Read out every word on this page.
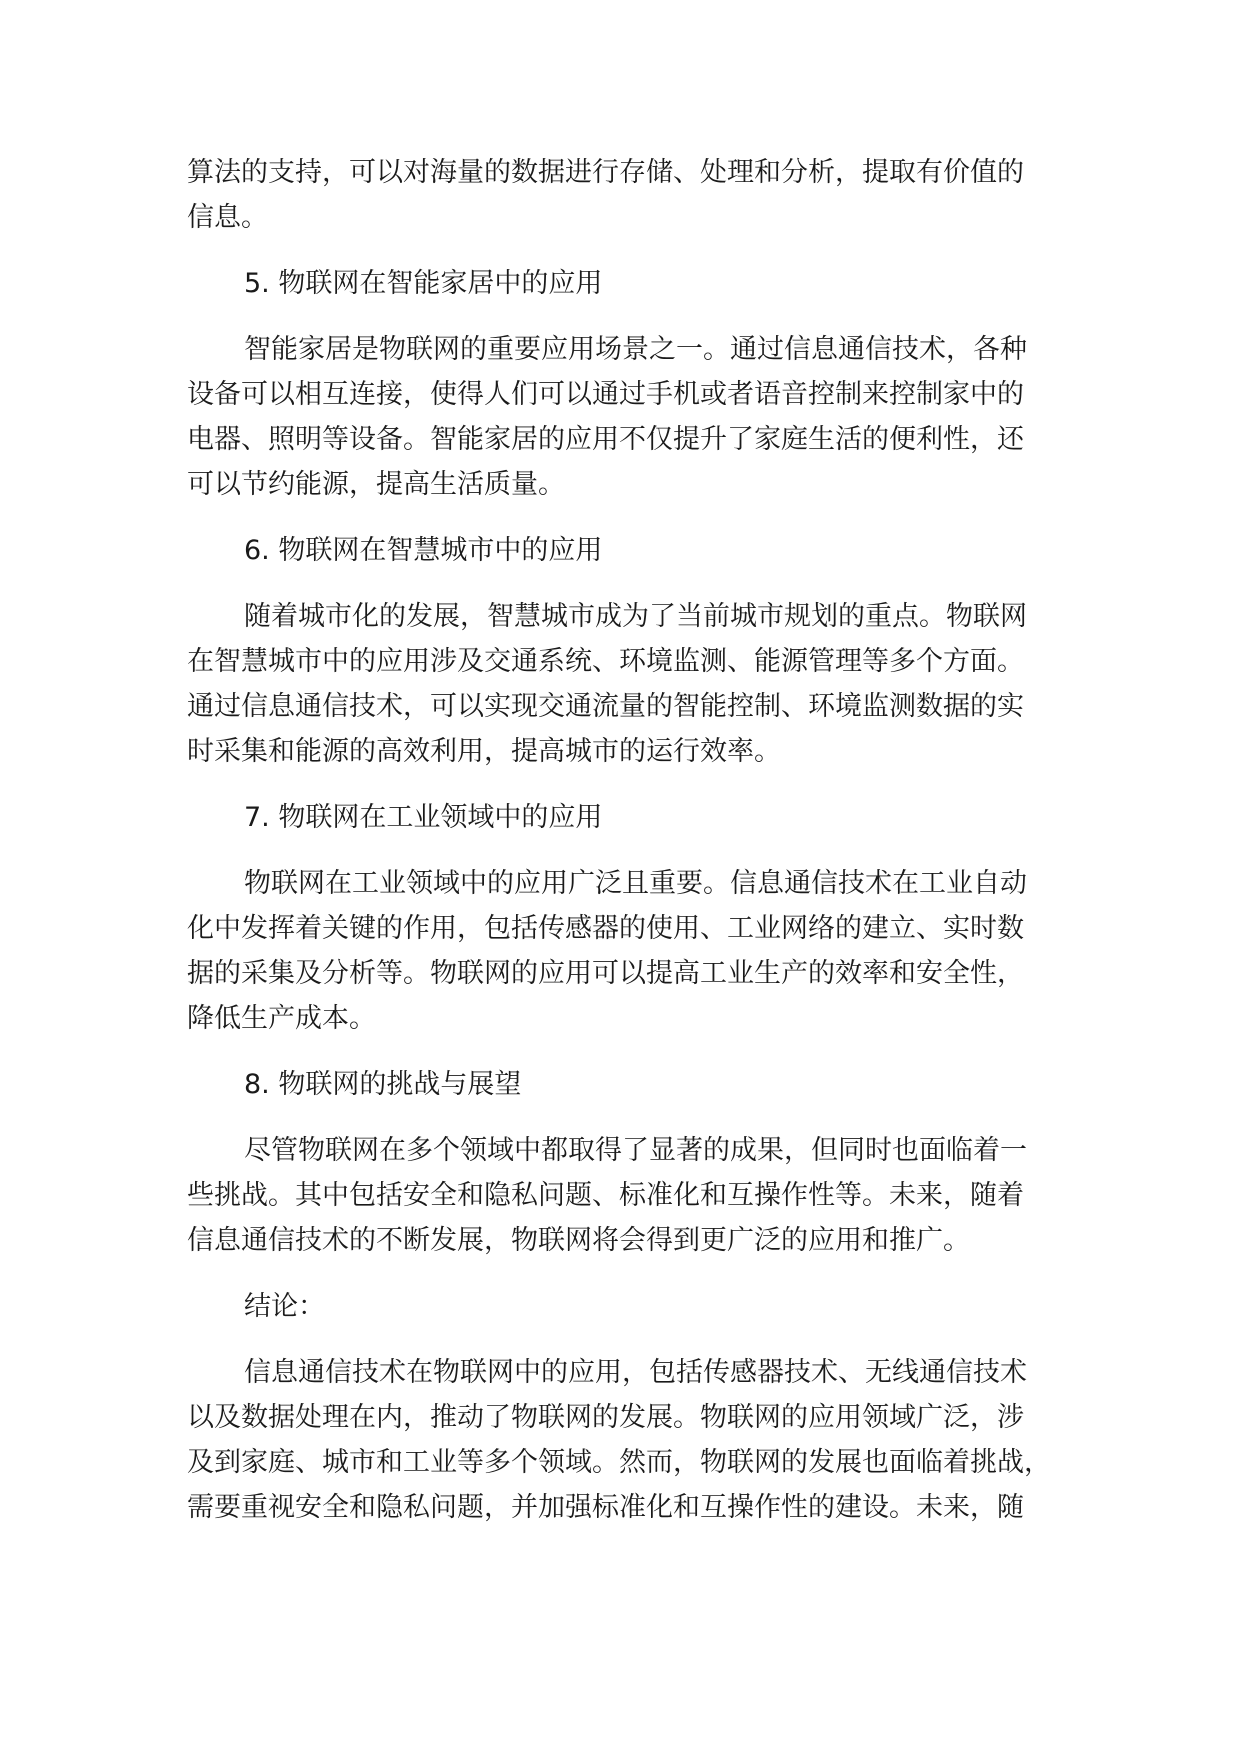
算法的支持，可以对海量的数据进行存储、处理和分析，提取有价值的
信息。
5. 物联网在智能家居中的应用
智能家居是物联网的重要应用场景之一。通过信息通信技术，各种
设备可以相互连接，使得人们可以通过手机或者语音控制来控制家中的
电器、照明等设备。智能家居的应用不仅提升了家庭生活的便利性，还
可以节约能源，提高生活质量。
6. 物联网在智慧城市中的应用
随着城市化的发展，智慧城市成为了当前城市规划的重点。物联网
在智慧城市中的应用涉及交通系统、环境监测、能源管理等多个方面。
通过信息通信技术，可以实现交通流量的智能控制、环境监测数据的实
时采集和能源的高效利用，提高城市的运行效率。
7. 物联网在工业领域中的应用
物联网在工业领域中的应用广泛且重要。信息通信技术在工业自动
化中发挥着关键的作用，包括传感器的使用、工业网络的建立、实时数
据的采集及分析等。物联网的应用可以提高工业生产的效率和安全性，
降低生产成本。
8. 物联网的挑战与展望
尽管物联网在多个领域中都取得了显著的成果，但同时也面临着一
些挑战。其中包括安全和隐私问题、标准化和互操作性等。未来，随着
信息通信技术的不断发展，物联网将会得到更广泛的应用和推广。
结论：
信息通信技术在物联网中的应用，包括传感器技术、无线通信技术
以及数据处理在内，推动了物联网的发展。物联网的应用领域广泛，涉
及到家庭、城市和工业等多个领域。然而，物联网的发展也面临着挑战，
需要重视安全和隐私问题，并加强标准化和互操作性的建设。未来，随
